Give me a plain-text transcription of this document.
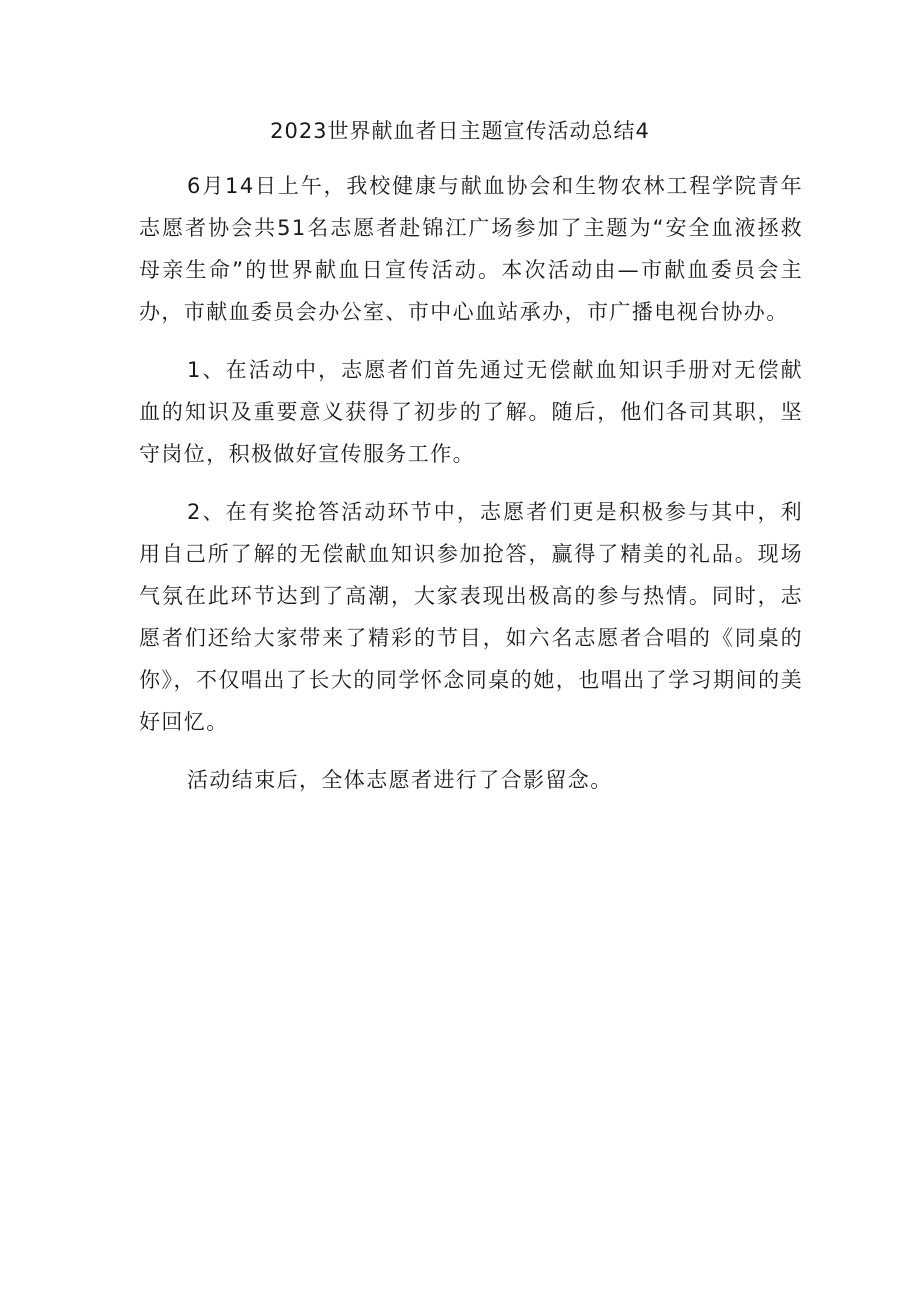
2023世界献血者日主题宣传活动总结4

6月14日上午，我校健康与献血协会和生物农林工程学院青年志愿者协会共51名志愿者赴锦江广场参加了主题为“安全血液拯救母亲生命”的世界献血日宣传活动。本次活动由—市献血委员会主办，市献血委员会办公室、市中心血站承办，市广播电视台协办。

1、在活动中，志愿者们首先通过无偿献血知识手册对无偿献血的知识及重要意义获得了初步的了解。随后，他们各司其职，坚守岗位，积极做好宣传服务工作。

2、在有奖抢答活动环节中，志愿者们更是积极参与其中，利用自己所了解的无偿献血知识参加抢答，赢得了精美的礼品。现场气氛在此环节达到了高潮，大家表现出极高的参与热情。同时，志愿者们还给大家带来了精彩的节目，如六名志愿者合唱的《同桌的你》，不仅唱出了长大的同学怀念同桌的她，也唱出了学习期间的美好回忆。

活动结束后，全体志愿者进行了合影留念。
